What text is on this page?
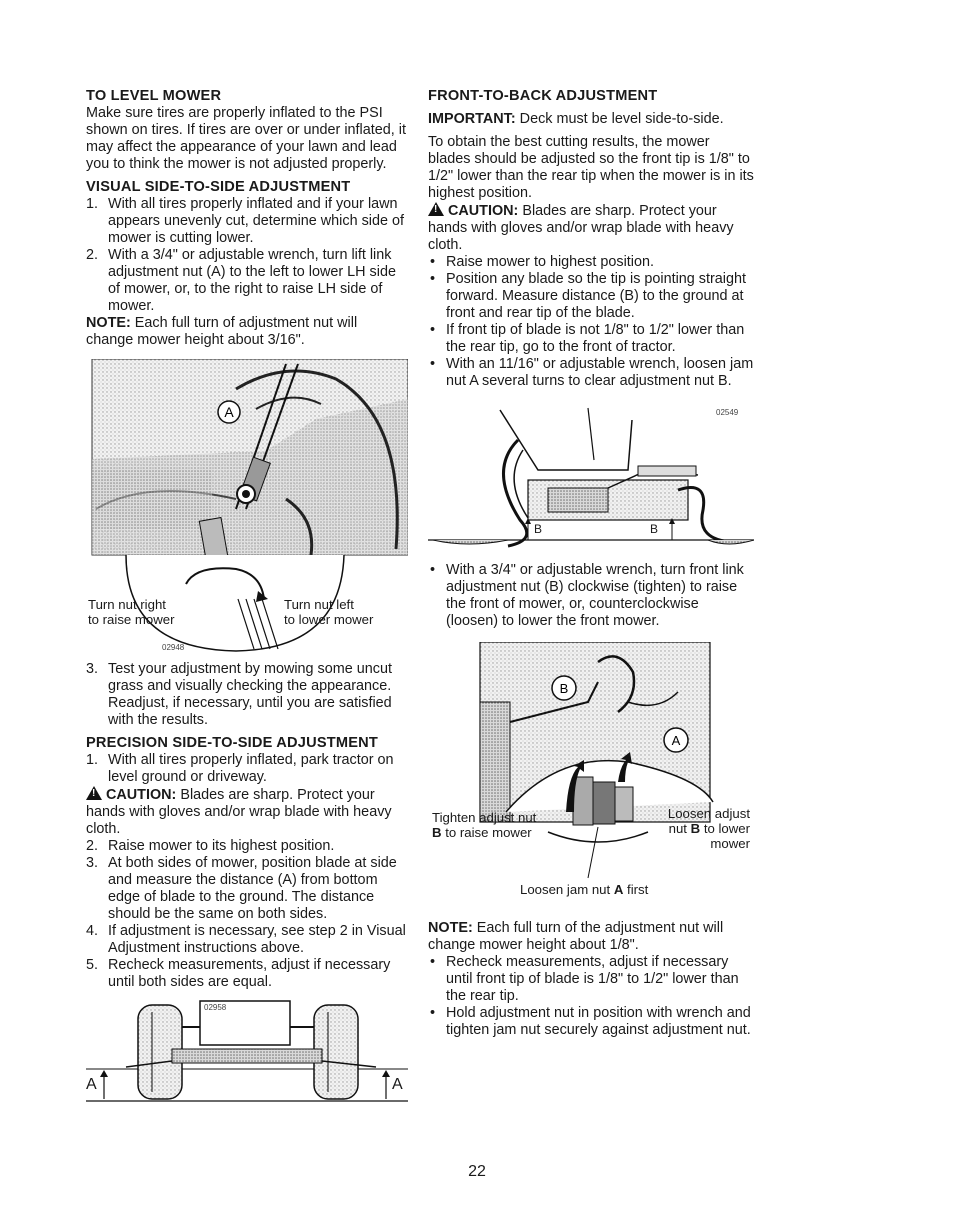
TO LEVEL MOWER

Make sure tires are properly inflated to the PSI shown on tires. If tires are over or under inflated, it may affect the appearance of your lawn and lead you to think the mower is not adjusted properly.

VISUAL SIDE-TO-SIDE ADJUSTMENT
1. With all tires properly inflated and if your lawn appears unevenly cut, determine which side of mower is cutting lower.
2. With a 3/4" or adjustable wrench, turn lift link adjustment nut (A) to the left to lower LH side of mower, or, to the right to raise LH side of mower.

NOTE: Each full turn of adjustment nut will change mower height about 3/16".

A
Turn nut right
to raise mower
Turn nut left
to lower mower
02948
3. Test your adjustment by mowing some uncut grass and visually checking the appearance. Readjust, if necessary, until you are satisfied with the results.
PRECISION SIDE-TO-SIDE ADJUSTMENT
1. With all tires properly inflated, park tractor on level ground or driveway.

!CAUTION: Blades are sharp. Protect your hands with gloves and/or wrap blade with heavy cloth.

2. Raise mower to its highest position.
3. At both sides of mower, position blade at side and measure the distance (A) from bottom edge of blade to the ground. The distance should be the same on both sides.
4. If adjustment is necessary, see step 2 in Visual Adjustment instructions above.
5. Recheck measurements, adjust if necessary until both sides are equal.
A	A
02958
FRONT-TO-BACK ADJUSTMENT

IMPORTANT: Deck must be level side-to-side.

To obtain the best cutting results, the mower blades should be adjusted so the front tip is 1/8" to 1/2" lower than the rear tip when the mower is in its highest position.

!CAUTION: Blades are sharp. Protect your hands with gloves and/or wrap blade with heavy cloth.

• Raise mower to highest position.
• Position any blade so the tip is pointing straight forward. Measure distance (B) to the ground at front and rear tip of the blade.
• If front tip of blade is not 1/8" to 1/2" lower than the rear tip, go to the front of tractor.
• With an 11/16" or adjustable wrench, loosen jam nut A several turns to clear adjustment nut B.
B	B
02549
• With a 3/4" or adjustable wrench, turn front link adjustment nut (B) clockwise (tighten) to raise the front of mower, or, counterclockwise (loosen) to lower the front mower.
B
A
Tighten adjust nut
B to raise mower
Loosen adjust
nut B to lower
mower
Loosen jam nut A first

NOTE: Each full turn of the adjustment nut will change mower height about 1/8".

• Recheck measurements, adjust if necessary until front tip of blade is 1/8" to 1/2" lower than the rear tip.
• Hold adjustment nut in position with wrench and tighten jam nut securely against adjustment nut.
22
